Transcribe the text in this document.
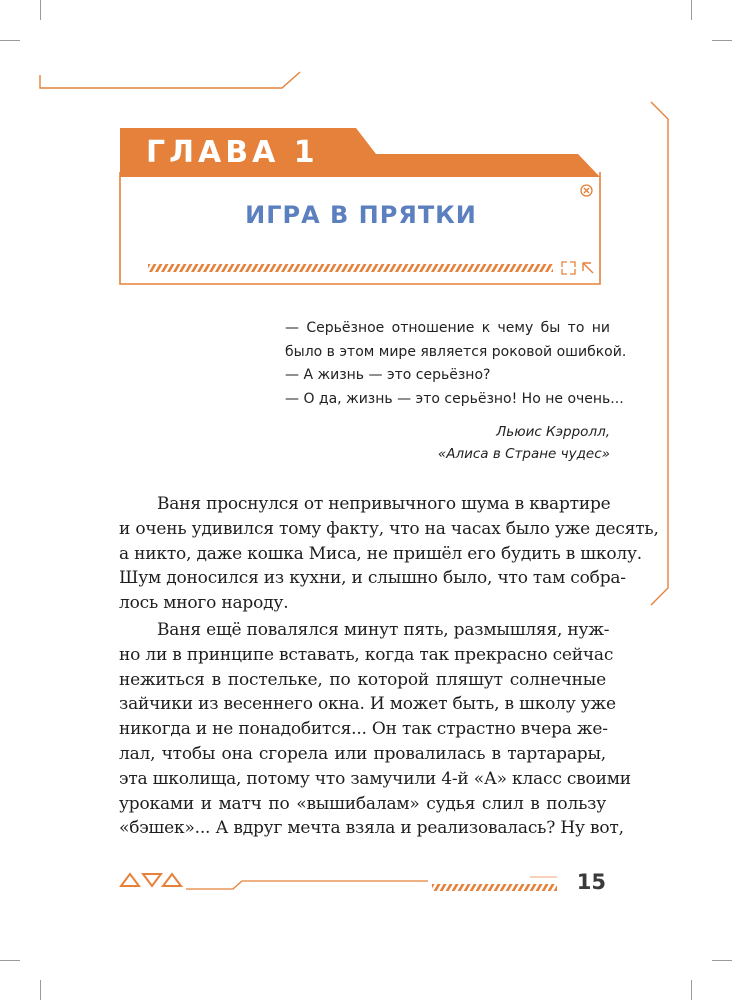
ГЛАВА 1
ИГРА В ПРЯТКИ
— Серьёзное отношение к чему бы то ни
было в этом мире является роковой ошибкой.
— А жизнь — это серьёзно?
— О да, жизнь — это серьёзно! Но не очень...
Льюис Кэрролл,
«Алиса в Стране чудес»
Ваня проснулся от непривычного шума в квартире
и очень удивился тому факту, что на часах было уже десять,
а никто, даже кошка Миса, не пришёл его будить в школу.
Шум доносился из кухни, и слышно было, что там собра-
лось много народу.
Ваня ещё повалялся минут пять, размышляя, нуж-
но ли в принципе вставать, когда так прекрасно сейчас
нежиться в постельке, по которой пляшут солнечные
зайчики из весеннего окна. И может быть, в школу уже
никогда и не понадобится... Он так страстно вчера же-
лал, чтобы она сгорела или провалилась в тартарары,
эта школища, потому что замучили 4-й «А» класс своими
уроками и матч по «вышибалам» судья слил в пользу
«бэшек»... А вдруг мечта взяла и реализовалась? Ну вот,
15
